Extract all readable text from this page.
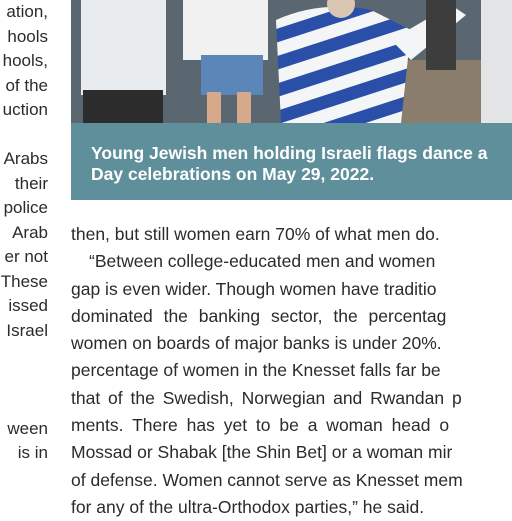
ation,
hools
hools,
of the
uction
Arabs
their
police
Arab
er not
These
issed
Israel
ween
is in

Young Jewish men holding Israeli flags dance a
Day celebrations on May 29, 2022.

then, but still women earn 70% of what men do.
“Between college-educated men and women
gap is even wider. Though women have traditio
dominated the banking sector, the percentag
women on boards of major banks is under 20%.
percentage of women in the Knesset falls far be
that of the Swedish, Norwegian and Rwandan p
ments. There has yet to be a woman head o
Mossad or Shabak [the Shin Bet] or a woman mir
of defense. Women cannot serve as Knesset mem
for any of the ultra-Orthodox parties,” he said.
